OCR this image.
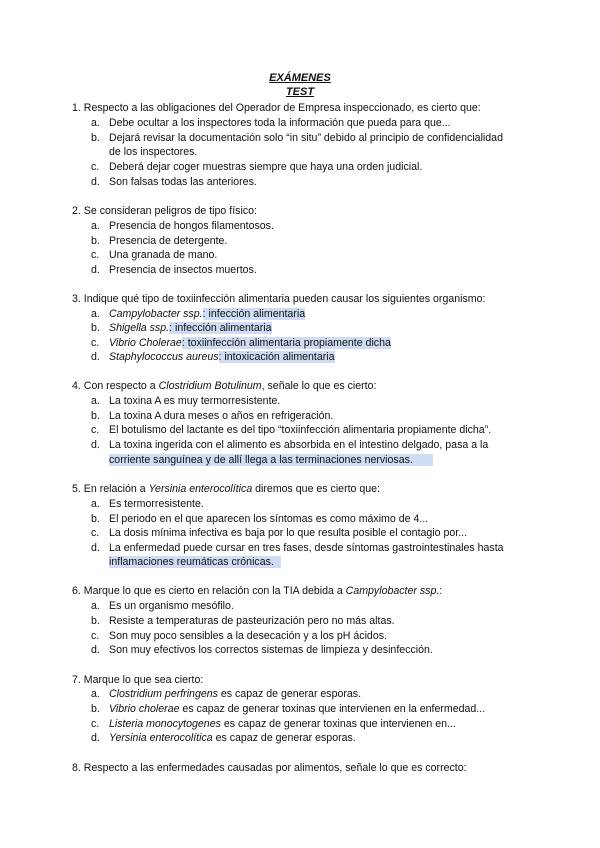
EXÁMENES
TEST
1. Respecto a las obligaciones del Operador de Empresa inspeccionado, es cierto que:
a. Debe ocultar a los inspectores toda la información que pueda para que...
b. Dejará revisar la documentación solo “in situ” debido al principio de confidencialidad
de los inspectores.
c. Deberá dejar coger muestras siempre que haya una orden judicial.
d. Son falsas todas las anteriores.
2. Se consideran peligros de tipo físico:
a. Presencia de hongos filamentosos.
b. Presencia de detergente.
c. Una granada de mano.
d. Presencia de insectos muertos.
3. Indique qué tipo de toxiinfección alimentaria pueden causar los siguientes organismo:
a. Campylobacter ssp.: infección alimentaria
b. Shigella ssp.: infección alimentaria
c. Vibrio Cholerae: toxiinfección alimentaria propiamente dicha
d. Staphylococcus aureus: intoxicación alimentaria
4. Con respecto a Clostridium Botulinum, señale lo que es cierto:
a. La toxina A es muy termorresistente.
b. La toxina A dura meses o años en refrigeración.
c. El botulismo del lactante es del tipo “toxiinfección alimentaria propiamente dicha”.
d. La toxina ingerida con el alimento es absorbida en el intestino delgado, pasa a la
corriente sanguínea y de allí llega a las terminaciones nerviosas.
5. En relación a Yersinia enterocolítica diremos que es cierto que:
a. Es termorresistente.
b. El periodo en el que aparecen los síntomas es como máximo de 4...
c. La dosis mínima infectiva es baja por lo que resulta posible el contagio por...
d. La enfermedad puede cursar en tres fases, desde síntomas gastrointestinales hasta
inflamaciones reumáticas crónicas.
6. Marque lo que es cierto en relación con la TIA debida a Campylobacter ssp.:
a. Es un organismo mesófilo.
b. Resiste a temperaturas de pasteurización pero no más altas.
c. Son muy poco sensibles a la desecación y a los pH ácidos.
d. Son muy efectivos los correctos sistemas de limpieza y desinfección.
7. Marque lo que sea cierto:
a. Clostridium perfringens es capaz de generar esporas.
b. Vibrio cholerae es capaz de generar toxinas que intervienen en la enfermedad...
c. Listeria monocytogenes es capaz de generar toxinas que intervienen en...
d. Yersinia enterocolítica es capaz de generar esporas.
8. Respecto a las enfermedades causadas por alimentos, señale lo que es correcto:
